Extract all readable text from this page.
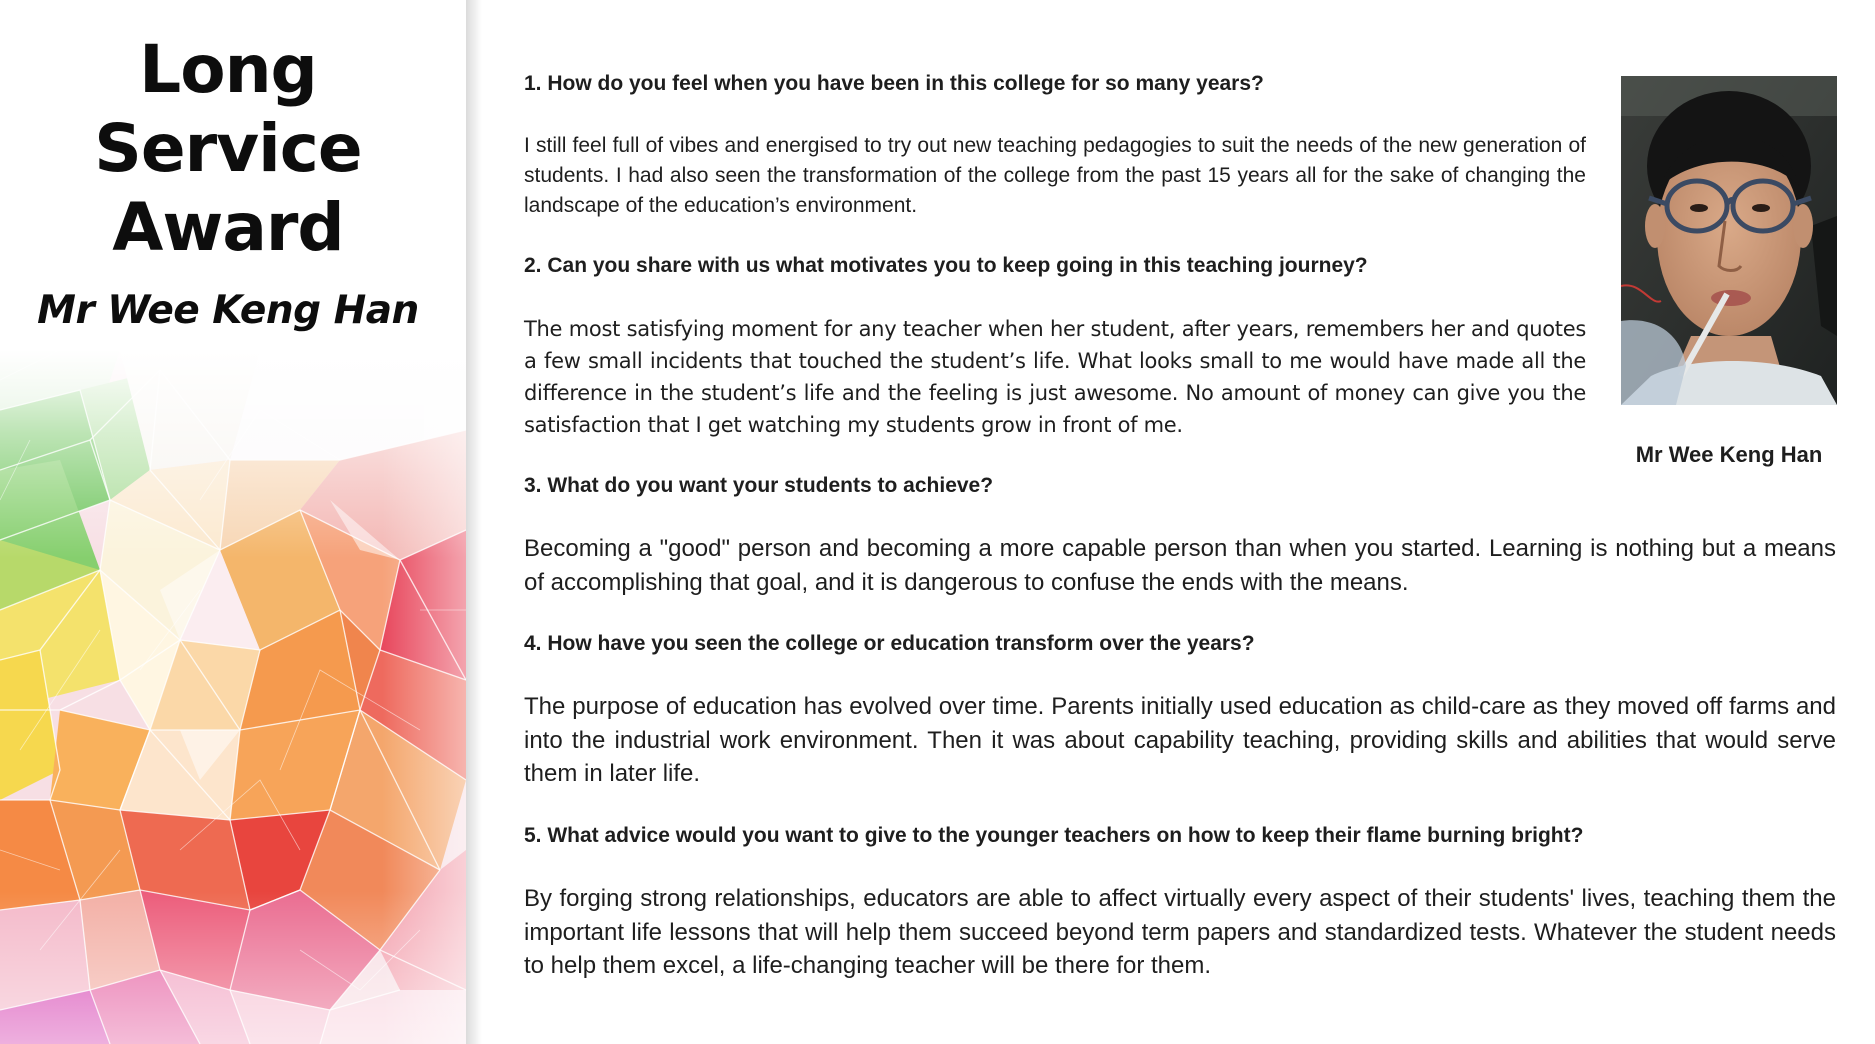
Long Service
Award
Mr Wee Keng Han

1. How do you feel when you have been in this college for so many years?

I still feel full of vibes and energised to try out new teaching pedagogies to suit the needs of the new generation of students. I had also seen the transformation of the college from the past 15 years all for the sake of changing the landscape of the education’s environment.

2. Can you share with us what motivates you to keep going in this teaching journey?

The most satisfying moment for any teacher when her student, after years, remembers her and quotes a few small incidents that touched the student’s life. What looks small to me would have made all the difference in the student’s life and the feeling is just awesome. No amount of money can give you the satisfaction that I get watching my students grow in front of me.

3. What do you want your students to achieve?

Becoming a "good" person and becoming a more capable person than when you started. Learning is nothing but a means of accomplishing that goal, and it is dangerous to confuse the ends with the means.

4. How have you seen the college or education transform over the years?

The purpose of education has evolved over time. Parents initially used education as child-care as they moved off farms and into the industrial work environment. Then it was about capability teaching, providing skills and abilities that would serve them in later life.

5. What advice would you want to give to the younger teachers on how to keep their flame burning bright?

By forging strong relationships, educators are able to affect virtually every aspect of their students' lives, teaching them the important life lessons that will help them succeed beyond term papers and standardized tests. Whatever the student needs to help them excel, a life-changing teacher will be there for them.

Mr Wee Keng Han
